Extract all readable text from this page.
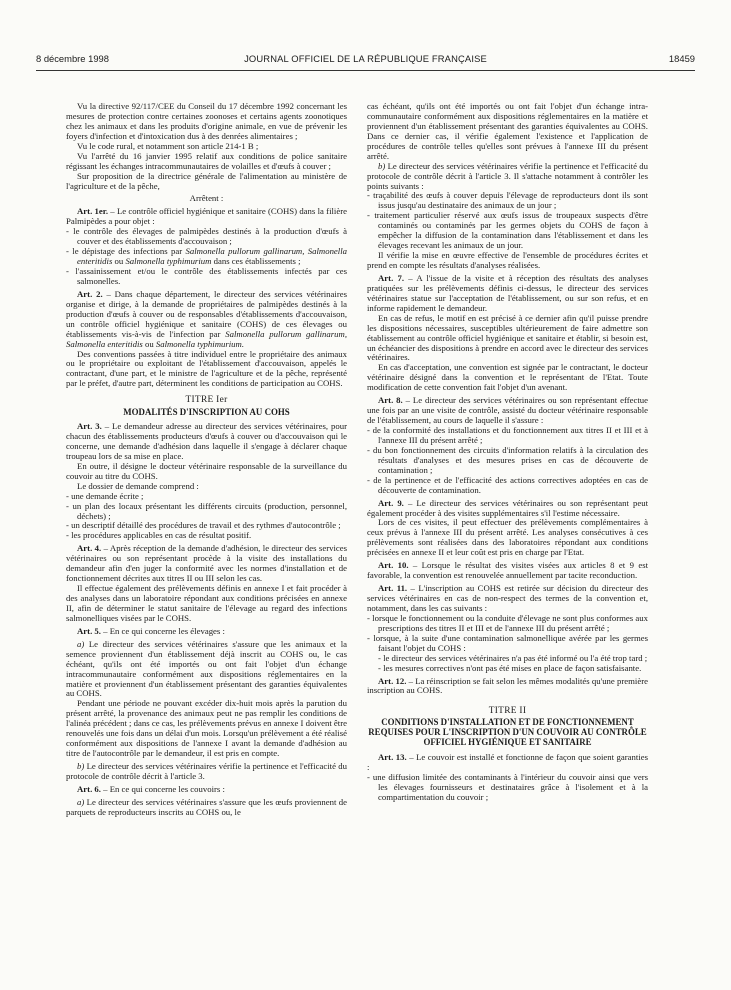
8 décembre 1998	JOURNAL OFFICIEL DE LA RÉPUBLIQUE FRANÇAISE	18459

Vu la directive 92/117/CEE du Conseil du 17 décembre 1992 concernant les mesures de protection contre certaines zoonoses et certains agents zoonotiques chez les animaux et dans les produits d'origine animale, en vue de prévenir les foyers d'infection et d'intoxication dus à des denrées alimentaires ;

Vu le code rural, et notamment son article 214-1 B ;

Vu l'arrêté du 16 janvier 1995 relatif aux conditions de police sanitaire régissant les échanges intracommunautaires de volailles et d'œufs à couver ;

Sur proposition de la directrice générale de l'alimentation au ministère de l'agriculture et de la pêche,

Arrêtent :

Art. 1er. – Le contrôle officiel hygiénique et sanitaire (COHS) dans la filière Palmipèdes a pour objet :

- le contrôle des élevages de palmipèdes destinés à la production d'œufs à couver et des établissements d'accouvaison ;

- le dépistage des infections par Salmonella pullorum gallinarum, Salmonella enteritidis ou Salmonella typhimurium dans ces établissements ;

- l'assainissement et/ou le contrôle des établissements infectés par ces salmonelles.

Art. 2. – Dans chaque département, le directeur des services vétérinaires organise et dirige, à la demande de propriétaires de palmipèdes destinés à la production d'œufs à couver ou de responsables d'établissements d'accouvaison, un contrôle officiel hygiénique et sanitaire (COHS) de ces élevages ou établissements vis-à-vis de l'infection par Salmonella pullorum gallinarum, Salmonella enteritidis ou Salmonella typhimurium.

Des conventions passées à titre individuel entre le propriétaire des animaux ou le propriétaire ou exploitant de l'établissement d'accouvaison, appelés le contractant, d'une part, et le ministre de l'agriculture et de la pêche, représenté par le préfet, d'autre part, déterminent les conditions de participation au COHS.

TITRE Ier
MODALITÉS D'INSCRIPTION AU COHS

Art. 3. – Le demandeur adresse au directeur des services vétérinaires, pour chacun des établissements producteurs d'œufs à couver ou d'accouvaison qui le concerne, une demande d'adhésion dans laquelle il s'engage à déclarer chaque troupeau lors de sa mise en place.

En outre, il désigne le docteur vétérinaire responsable de la surveillance du couvoir au titre du COHS.

Le dossier de demande comprend :

- une demande écrite ;

- un plan des locaux présentant les différents circuits (production, personnel, déchets) ;

- un descriptif détaillé des procédures de travail et des rythmes d'autocontrôle ;

- les procédures applicables en cas de résultat positif.

Art. 4. – Après réception de la demande d'adhésion, le directeur des services vétérinaires ou son représentant procède à la visite des installations du demandeur afin d'en juger la conformité avec les normes d'installation et de fonctionnement décrites aux titres II ou III selon les cas.

Il effectue également des prélèvements définis en annexe I et fait procéder à des analyses dans un laboratoire répondant aux conditions précisées en annexe II, afin de déterminer le statut sanitaire de l'élevage au regard des infections salmonelliques visées par le COHS.

Art. 5. – En ce qui concerne les élevages :

a) Le directeur des services vétérinaires s'assure que les animaux et la semence proviennent d'un établissement déjà inscrit au COHS ou, le cas échéant, qu'ils ont été importés ou ont fait l'objet d'un échange intracommunautaire conformément aux dispositions réglementaires en la matière et proviennent d'un établissement présentant des garanties équivalentes au COHS.

Pendant une période ne pouvant excéder dix-huit mois après la parution du présent arrêté, la provenance des animaux peut ne pas remplir les conditions de l'alinéa précédent ; dans ce cas, les prélèvements prévus en annexe I doivent être renouvelés une fois dans un délai d'un mois. Lorsqu'un prélèvement a été réalisé conformément aux dispositions de l'annexe I avant la demande d'adhésion au titre de l'autocontrôle par le demandeur, il est pris en compte.

b) Le directeur des services vétérinaires vérifie la pertinence et l'efficacité du protocole de contrôle décrit à l'article 3.

Art. 6. – En ce qui concerne les couvoirs :

a) Le directeur des services vétérinaires s'assure que les œufs proviennent de parquets de reproducteurs inscrits au COHS ou, le

cas échéant, qu'ils ont été importés ou ont fait l'objet d'un échange intra-communautaire conformément aux dispositions réglementaires en la matière et proviennent d'un établissement présentant des garanties équivalentes au COHS. Dans ce dernier cas, il vérifie également l'existence et l'application de procédures de contrôle telles qu'elles sont prévues à l'annexe III du présent arrêté.

b) Le directeur des services vétérinaires vérifie la pertinence et l'efficacité du protocole de contrôle décrit à l'article 3. Il s'attache notamment à contrôler les points suivants :

- traçabilité des œufs à couver depuis l'élevage de reproducteurs dont ils sont issus jusqu'au destinataire des animaux de un jour ;

- traitement particulier réservé aux œufs issus de troupeaux suspects d'être contaminés ou contaminés par les germes objets du COHS de façon à empêcher la diffusion de la contamination dans l'établissement et dans les élevages recevant les animaux de un jour.

Il vérifie la mise en œuvre effective de l'ensemble de procédures écrites et prend en compte les résultats d'analyses réalisées.

Art. 7. – A l'issue de la visite et à réception des résultats des analyses pratiquées sur les prélèvements définis ci-dessus, le directeur des services vétérinaires statue sur l'acceptation de l'établissement, ou sur son refus, et en informe rapidement le demandeur.

En cas de refus, le motif en est précisé à ce dernier afin qu'il puisse prendre les dispositions nécessaires, susceptibles ultérieurement de faire admettre son établissement au contrôle officiel hygiénique et sanitaire et établir, si besoin est, un échéancier des dispositions à prendre en accord avec le directeur des services vétérinaires.

En cas d'acceptation, une convention est signée par le contractant, le docteur vétérinaire désigné dans la convention et le représentant de l'Etat. Toute modification de cette convention fait l'objet d'un avenant.

Art. 8. – Le directeur des services vétérinaires ou son représentant effectue une fois par an une visite de contrôle, assisté du docteur vétérinaire responsable de l'établissement, au cours de laquelle il s'assure :

- de la conformité des installations et du fonctionnement aux titres II et III et à l'annexe III du présent arrêté ;

- du bon fonctionnement des circuits d'information relatifs à la circulation des résultats d'analyses et des mesures prises en cas de découverte de contamination ;

- de la pertinence et de l'efficacité des actions correctives adoptées en cas de découverte de contamination.

Art. 9. – Le directeur des services vétérinaires ou son représentant peut également procéder à des visites supplémentaires s'il l'estime nécessaire.

Lors de ces visites, il peut effectuer des prélèvements complémentaires à ceux prévus à l'annexe III du présent arrêté. Les analyses consécutives à ces prélèvements sont réalisées dans des laboratoires répondant aux conditions précisées en annexe II et leur coût est pris en charge par l'Etat.

Art. 10. – Lorsque le résultat des visites visées aux articles 8 et 9 est favorable, la convention est renouvelée annuellement par tacite reconduction.

Art. 11. – L'inscription au COHS est retirée sur décision du directeur des services vétérinaires en cas de non-respect des termes de la convention et, notamment, dans les cas suivants :

- lorsque le fonctionnement ou la conduite d'élevage ne sont plus conformes aux prescriptions des titres II et III et de l'annexe III du présent arrêté ;

- lorsque, à la suite d'une contamination salmonellique avérée par les germes faisant l'objet du COHS :

- le directeur des services vétérinaires n'a pas été informé ou l'a été trop tard ;

- les mesures correctives n'ont pas été mises en place de façon satisfaisante.

Art. 12. – La réinscription se fait selon les mêmes modalités qu'une première inscription au COHS.

TITRE II
CONDITIONS D'INSTALLATION ET DE FONCTIONNEMENT REQUISES POUR L'INSCRIPTION D'UN COUVOIR AU CONTRÔLE OFFICIEL HYGIÉNIQUE ET SANITAIRE

Art. 13. – Le couvoir est installé et fonctionne de façon que soient garanties :

- une diffusion limitée des contaminants à l'intérieur du couvoir ainsi que vers les élevages fournisseurs et destinataires grâce à l'isolement et à la compartimentation du couvoir ;
